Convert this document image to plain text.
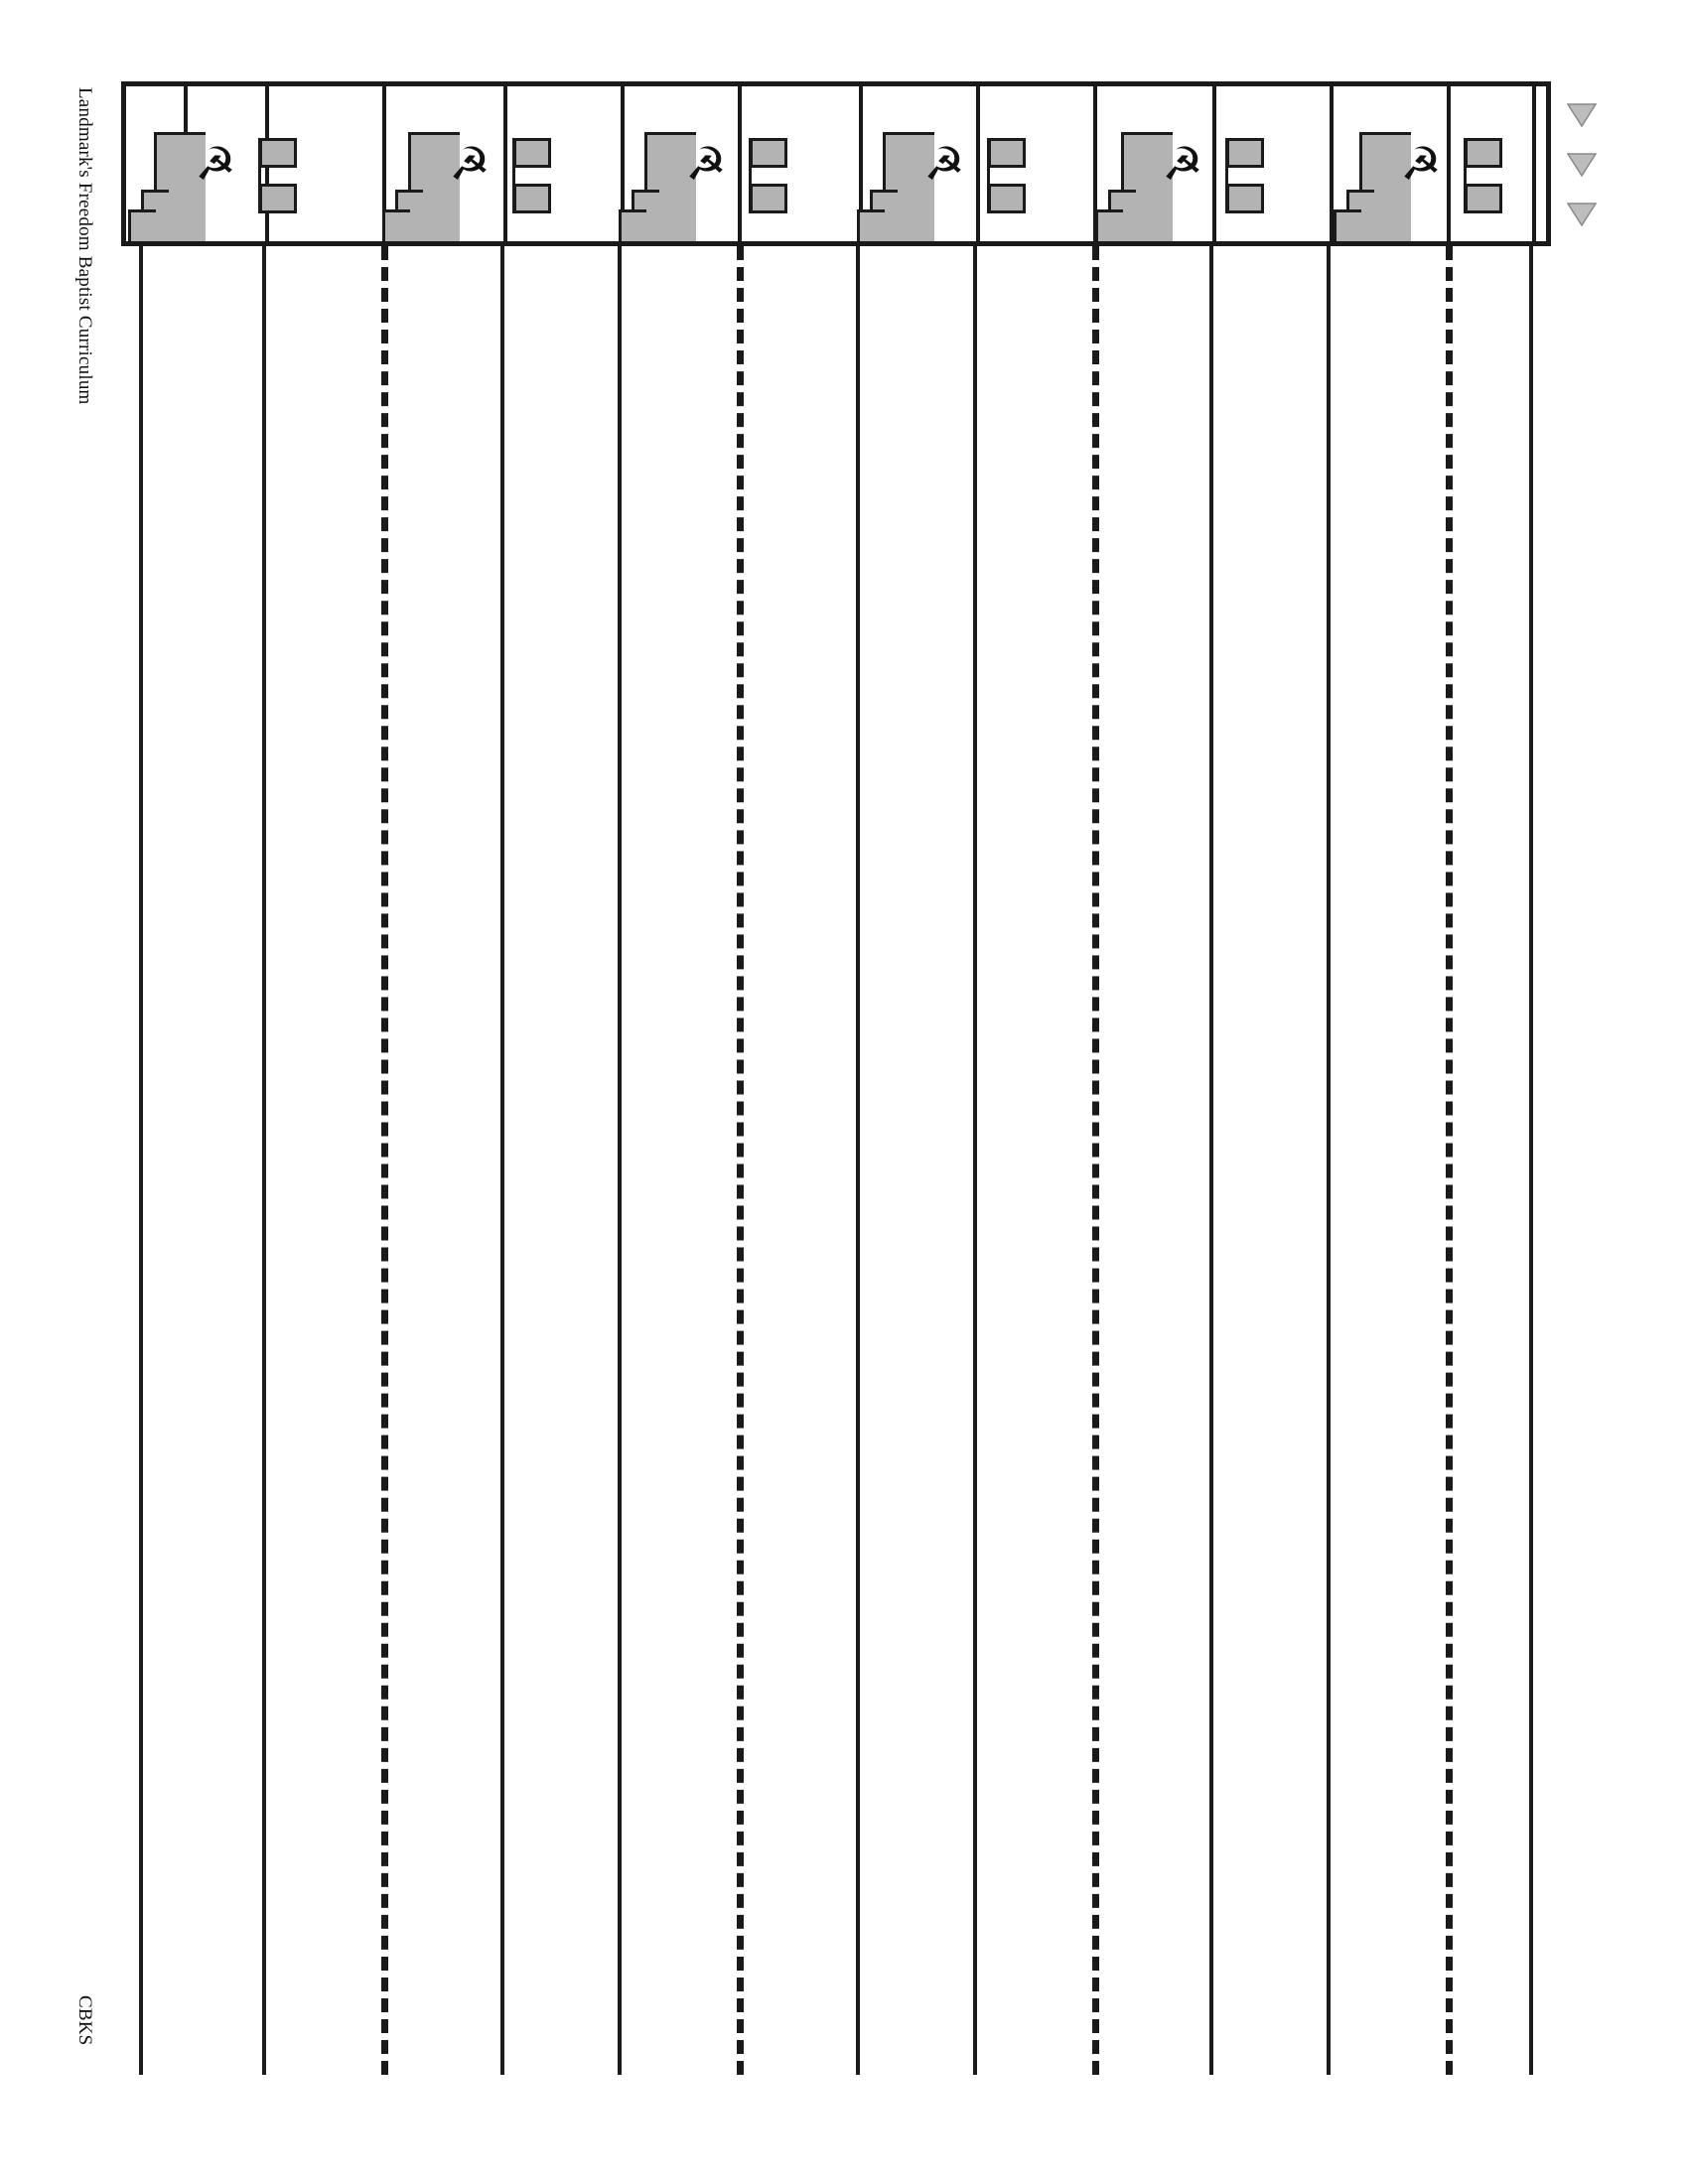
Landmark's Freedom Baptist Curriculum
CBKS
☭	☭	☭	☭	☭	☭
